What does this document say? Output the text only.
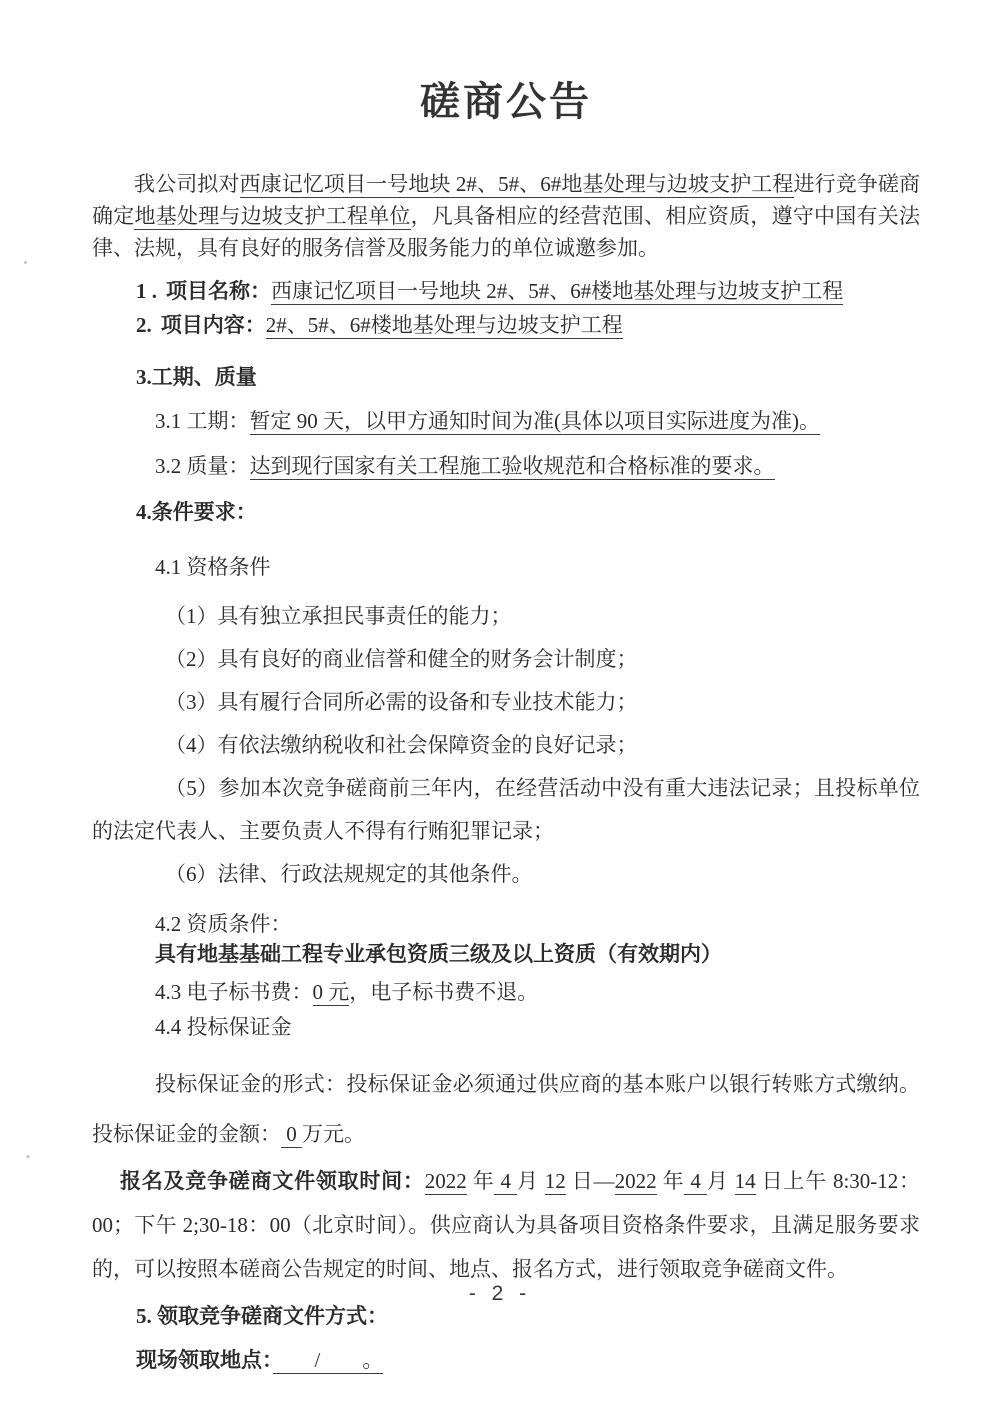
磋商公告

我公司拟对西康记忆项目一号地块 2#、5#、6#地基处理与边坡支护工程进行竞争磋商确定地基处理与边坡支护工程单位，凡具备相应的经营范围、相应资质，遵守中国有关法律、法规，具有良好的服务信誉及服务能力的单位诚邀参加。

1 . 项目名称：西康记忆项目一号地块 2#、5#、6#楼地基处理与边坡支护工程

2. 项目内容：2#、5#、6#楼地基处理与边坡支护工程

3.工期、质量

3.1 工期：暂定 90 天，以甲方通知时间为准(具体以项目实际进度为准)。

3.2 质量：达到现行国家有关工程施工验收规范和合格标准的要求。

4.条件要求：

4.1 资格条件

（1）具有独立承担民事责任的能力；

（2）具有良好的商业信誉和健全的财务会计制度；

（3）具有履行合同所必需的设备和专业技术能力；

（4）有依法缴纳税收和社会保障资金的良好记录；

（5）参加本次竞争磋商前三年内，在经营活动中没有重大违法记录；且投标单位的法定代表人、主要负责人不得有行贿犯罪记录；

（6）法律、行政法规规定的其他条件。

4.2 资质条件：

具有地基基础工程专业承包资质三级及以上资质（有效期内）

4.3 电子标书费：0 元，电子标书费不退。

4.4 投标保证金

投标保证金的形式：投标保证金必须通过供应商的基本账户以银行转账方式缴纳。投标保证金的金额： 0 万元。

报名及竞争磋商文件领取时间：2022 年 4 月 12 日—2022 年 4 月 14 日上午 8:30-12：00；下午 2;30-18：00（北京时间）。供应商认为具备项目资格条件要求，且满足服务要求的，可以按照本磋商公告规定的时间、地点、报名方式，进行领取竞争磋商文件。

5. 领取竞争磋商文件方式：

现场领取地点：　　/　　。

- 2 -
